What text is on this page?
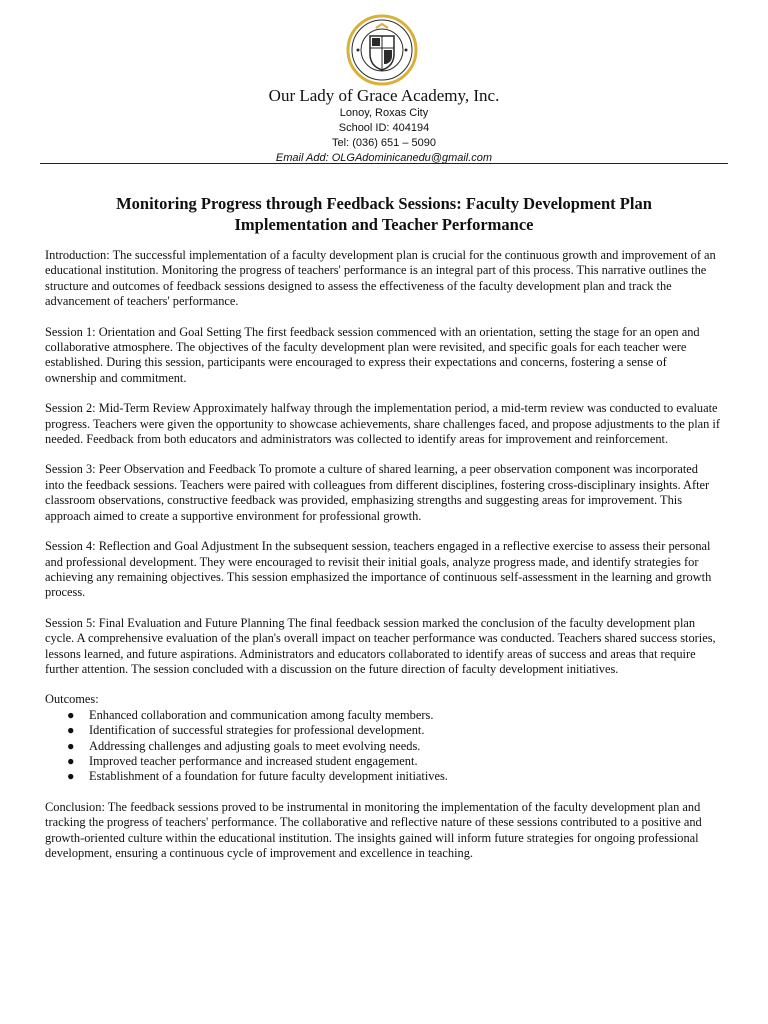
Our Lady of Grace Academy, Inc.

Lonoy, Roxas City

School ID: 404194

Tel: (036) 651 – 5090

Email Add: OLGAdominicanedu@gmail.com

Monitoring Progress through Feedback Sessions: Faculty Development Plan
Implementation and Teacher Performance

Introduction: The successful implementation of a faculty development plan is crucial for the continuous growth and improvement of an educational institution. Monitoring the progress of teachers' performance is an integral part of this process. This narrative outlines the structure and outcomes of feedback sessions designed to assess the effectiveness of the faculty development plan and track the advancement of teachers' performance.

Session 1: Orientation and Goal Setting The first feedback session commenced with an orientation, setting the stage for an open and collaborative atmosphere. The objectives of the faculty development plan were revisited, and specific goals for each teacher were established. During this session, participants were encouraged to express their expectations and concerns, fostering a sense of ownership and commitment.

Session 2: Mid-Term Review Approximately halfway through the implementation period, a mid-term review was conducted to evaluate progress. Teachers were given the opportunity to showcase achievements, share challenges faced, and propose adjustments to the plan if needed. Feedback from both educators and administrators was collected to identify areas for improvement and reinforcement.

Session 3: Peer Observation and Feedback To promote a culture of shared learning, a peer observation component was incorporated into the feedback sessions. Teachers were paired with colleagues from different disciplines, fostering cross-disciplinary insights. After classroom observations, constructive feedback was provided, emphasizing strengths and suggesting areas for improvement. This approach aimed to create a supportive environment for professional growth.

Session 4: Reflection and Goal Adjustment In the subsequent session, teachers engaged in a reflective exercise to assess their personal and professional development. They were encouraged to revisit their initial goals, analyze progress made, and identify strategies for achieving any remaining objectives. This session emphasized the importance of continuous self-assessment in the learning and growth process.

Session 5: Final Evaluation and Future Planning The final feedback session marked the conclusion of the faculty development plan cycle. A comprehensive evaluation of the plan's overall impact on teacher performance was conducted. Teachers shared success stories, lessons learned, and future aspirations. Administrators and educators collaborated to identify areas of success and areas that require further attention. The session concluded with a discussion on the future direction of faculty development initiatives.

Outcomes:

● Enhanced collaboration and communication among faculty members.
● Identification of successful strategies for professional development.
● Addressing challenges and adjusting goals to meet evolving needs.
● Improved teacher performance and increased student engagement.
● Establishment of a foundation for future faculty development initiatives.

Conclusion: The feedback sessions proved to be instrumental in monitoring the implementation of the faculty development plan and tracking the progress of teachers' performance. The collaborative and reflective nature of these sessions contributed to a positive and growth-oriented culture within the educational institution. The insights gained will inform future strategies for ongoing professional development, ensuring a continuous cycle of improvement and excellence in teaching.
